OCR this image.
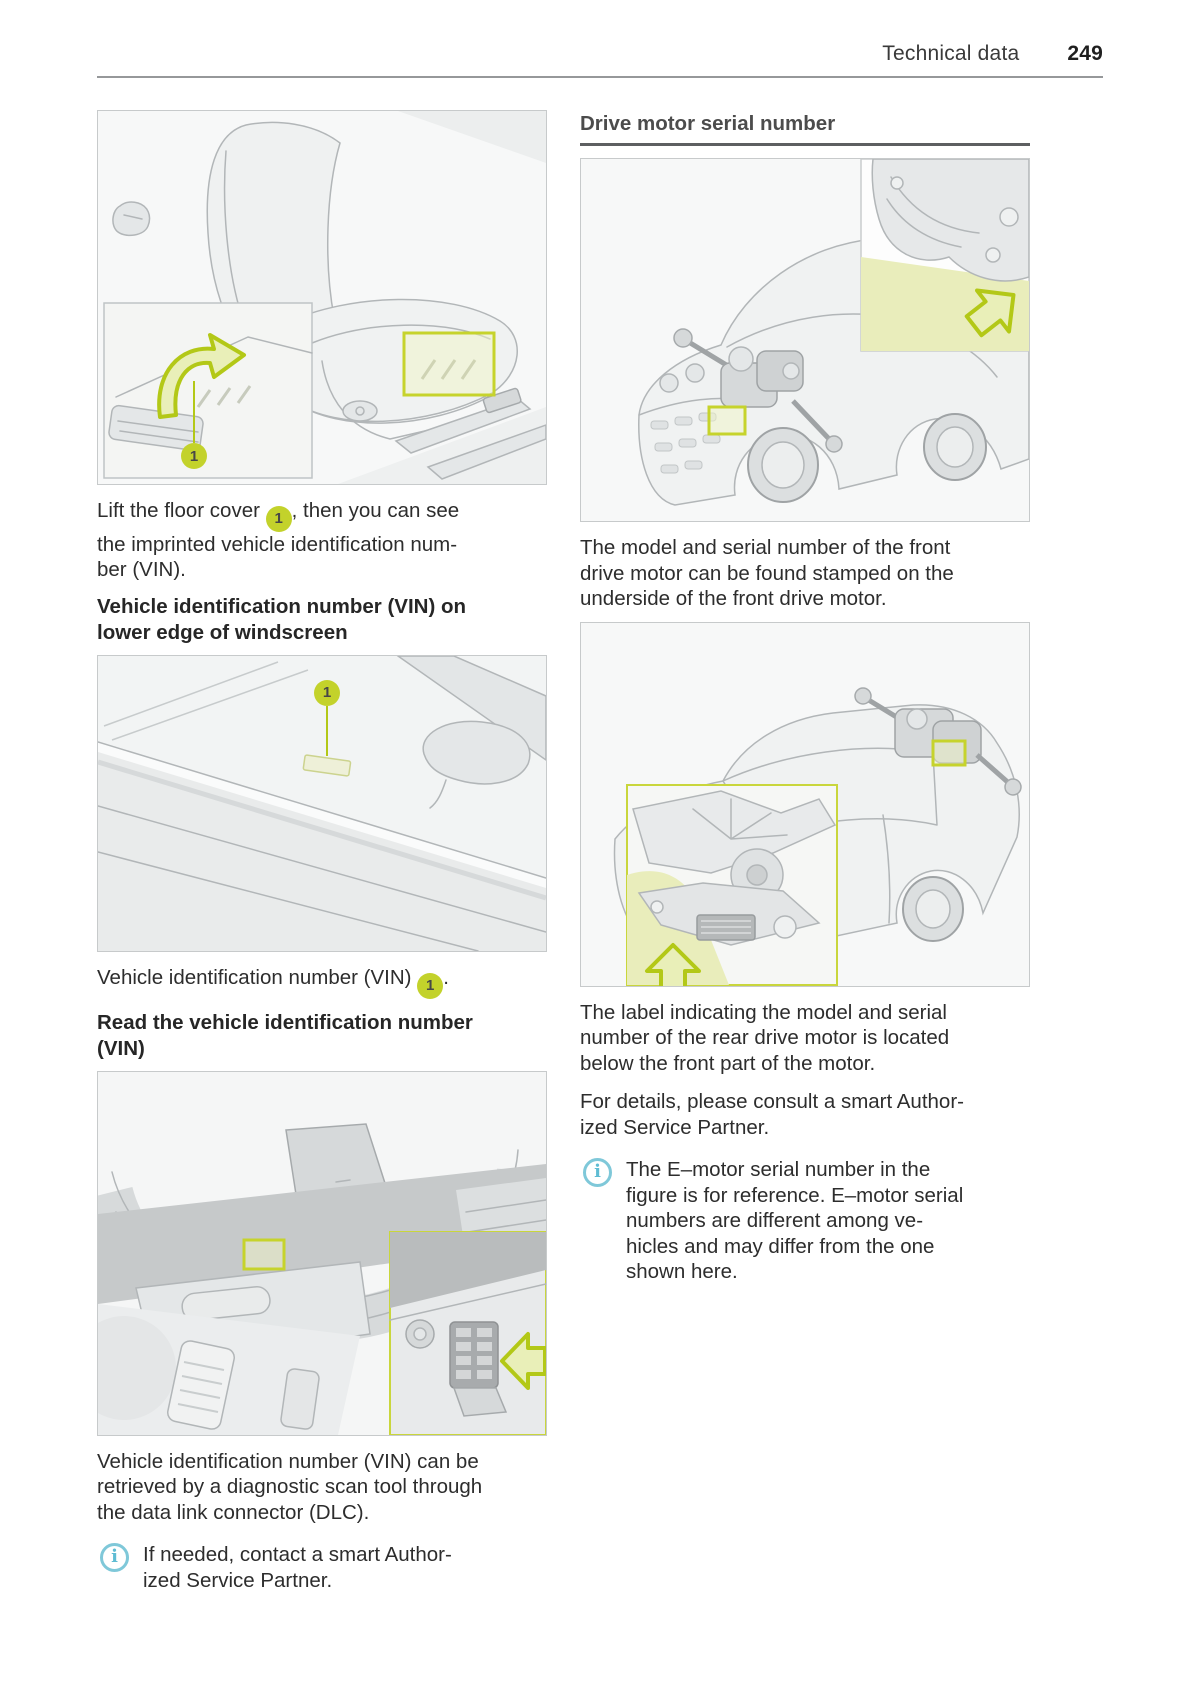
Technical data 249
1

Lift the floor cover 1 , then you can see
the imprinted vehicle identification num-
ber (VIN).

Vehicle identification number (VIN) on
lower edge of windscreen
1

Vehicle identification number (VIN) 1 .

Read the vehicle identification number
(VIN)

Vehicle identification number (VIN) can be
retrieved by a diagnostic scan tool through
the data link connector (DLC).

i	If needed, contact a smart Author-
ized Service Partner.
Drive motor serial number

The model and serial number of the front
drive motor can be found stamped on the
underside of the front drive motor.

The label indicating the model and serial
number of the rear drive motor is located
below the front part of the motor.

For details, please consult a smart Author-
ized Service Partner.

i	The E–motor serial number in the
figure is for reference. E–motor serial
numbers are different among ve-
hicles and may differ from the one
shown here.
